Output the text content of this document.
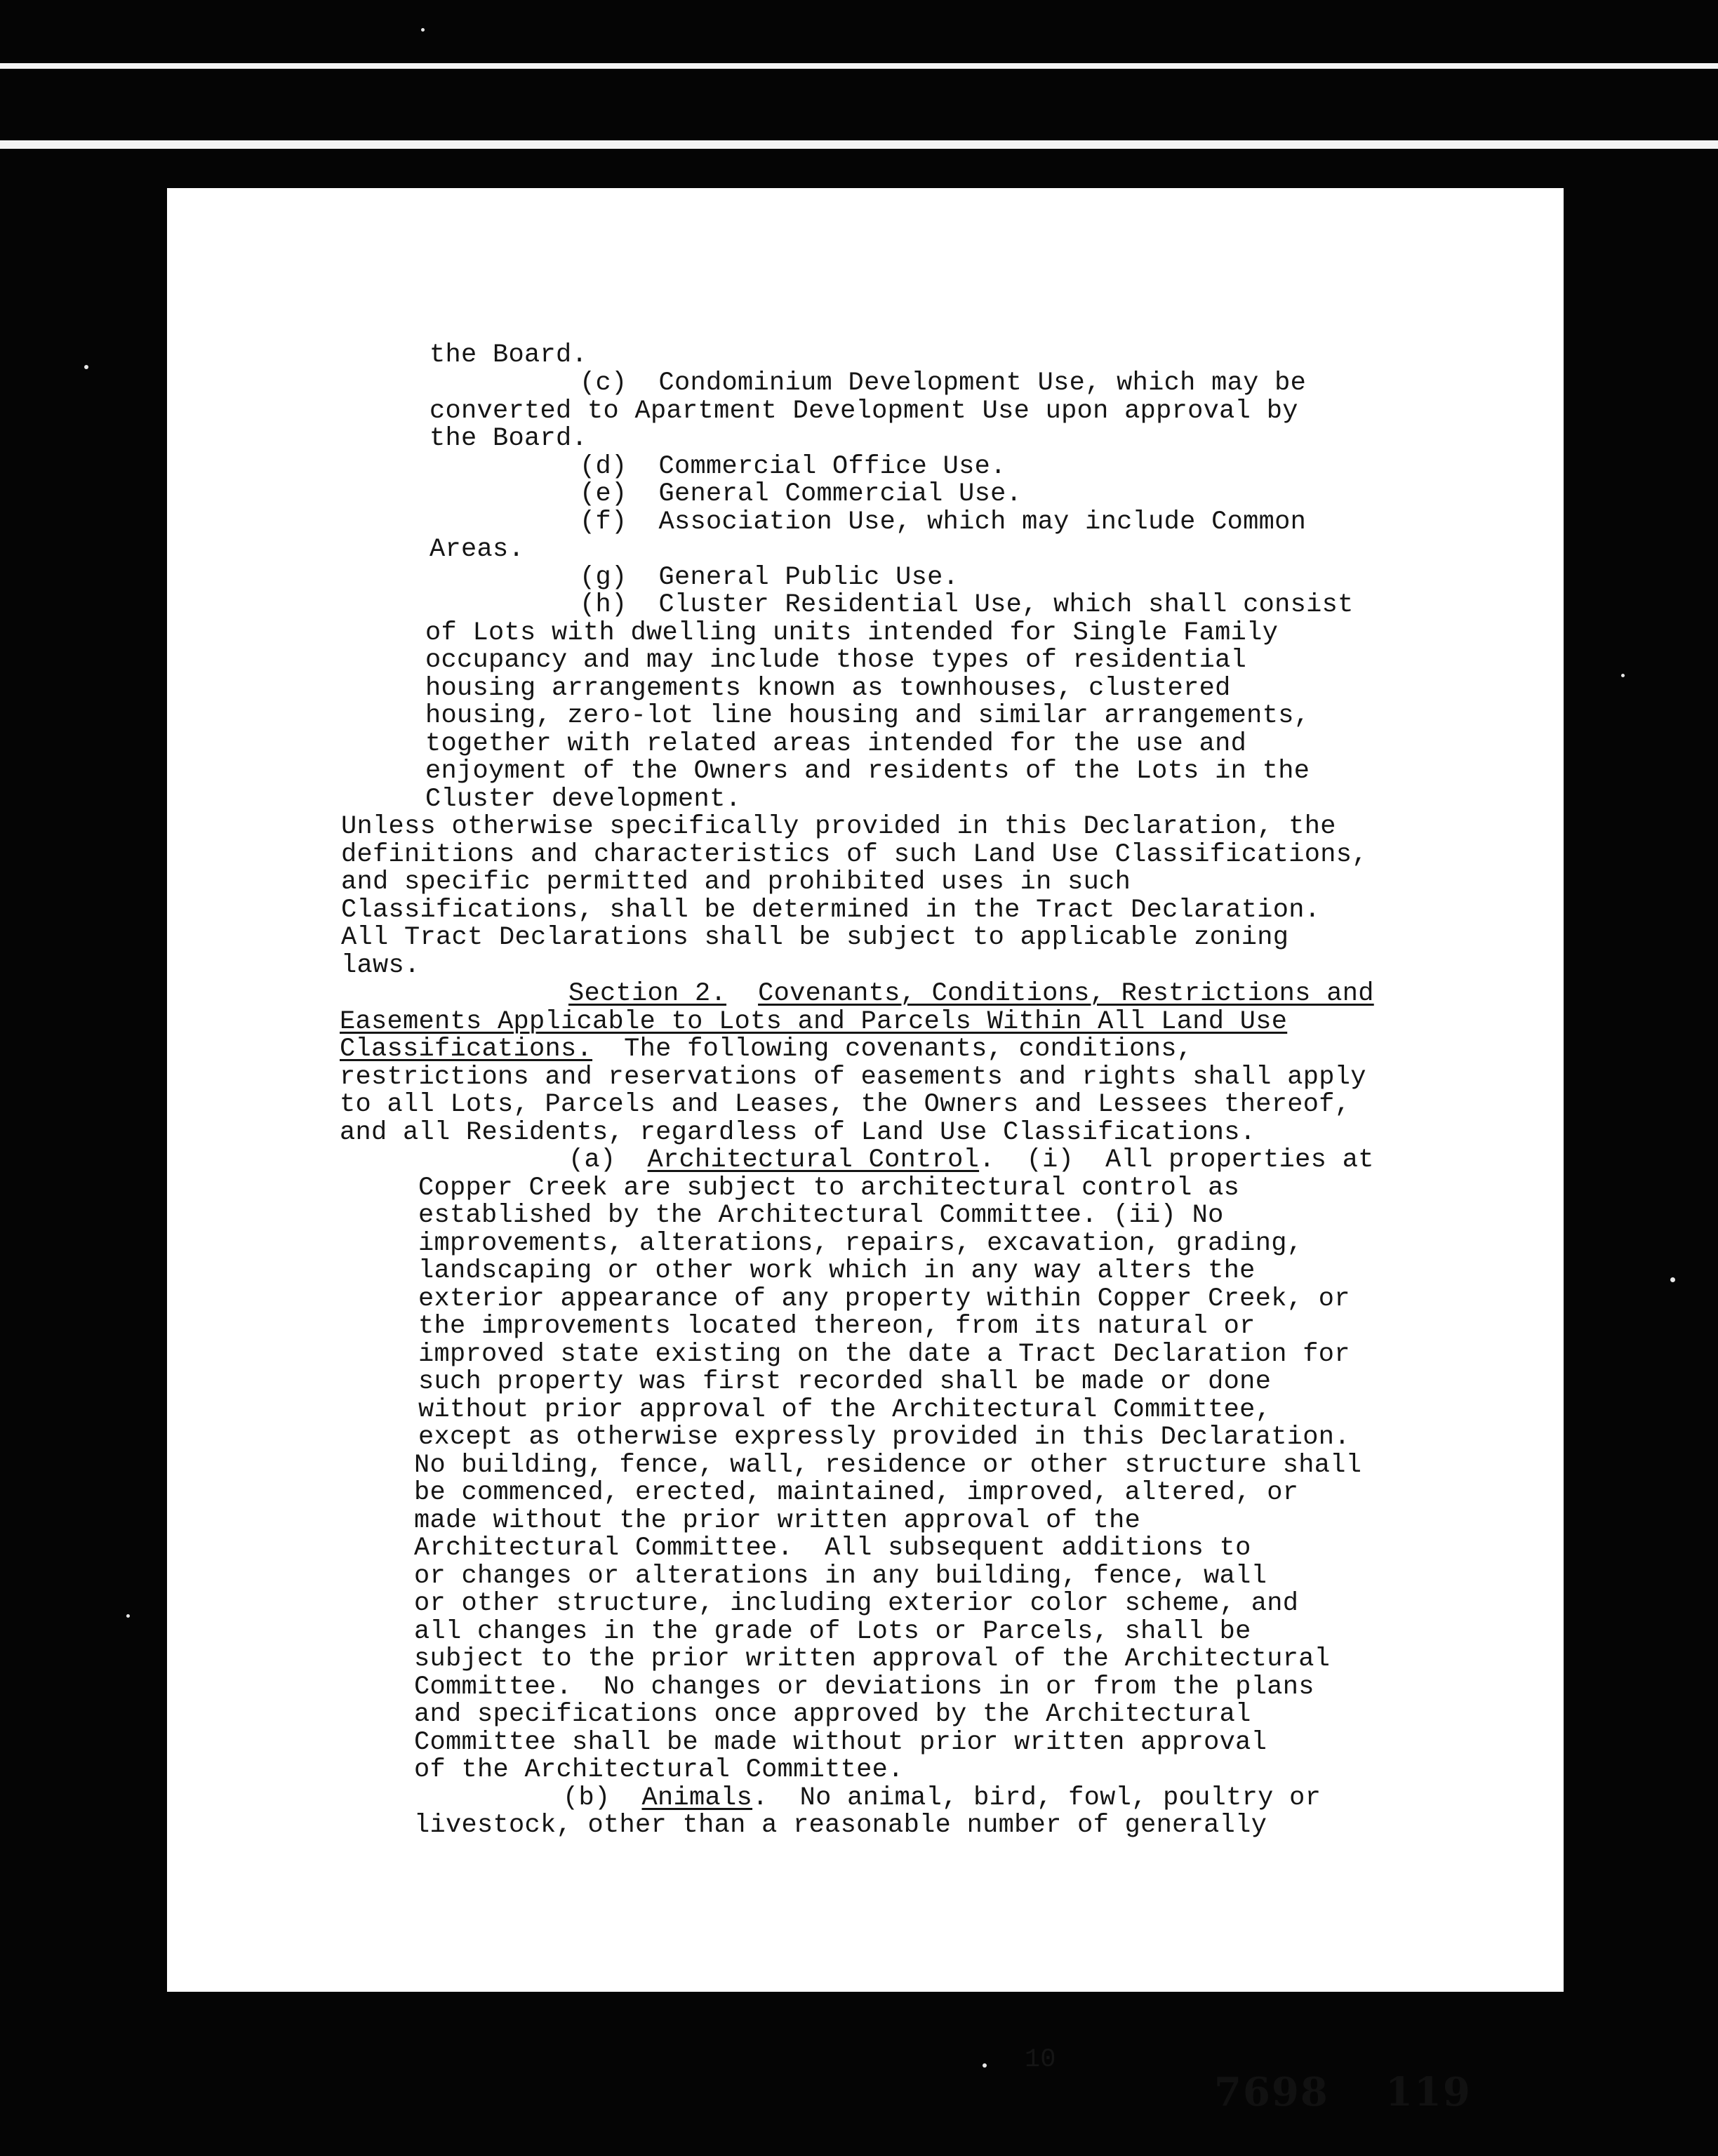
the Board.
(c)  Condominium Development Use, which may be
converted to Apartment Development Use upon approval by
the Board.
(d)  Commercial Office Use.
(e)  General Commercial Use.
(f)  Association Use, which may include Common
Areas.
(g)  General Public Use.
(h)  Cluster Residential Use, which shall consist
of Lots with dwelling units intended for Single Family
occupancy and may include those types of residential
housing arrangements known as townhouses, clustered
housing, zero-lot line housing and similar arrangements,
together with related areas intended for the use and
enjoyment of the Owners and residents of the Lots in the
Cluster development.
Unless otherwise specifically provided in this Declaration, the
definitions and characteristics of such Land Use Classifications,
and specific permitted and prohibited uses in such
Classifications, shall be determined in the Tract Declaration.
All Tract Declarations shall be subject to applicable zoning
laws.
Section 2. Covenants, Conditions, Restrictions and
Easements Applicable to Lots and Parcels Within All Land Use
Classifications.  The following covenants, conditions,
restrictions and reservations of easements and rights shall apply
to all Lots, Parcels and Leases, the Owners and Lessees thereof,
and all Residents, regardless of Land Use Classifications.
(a)  Architectural Control.  (i)  All properties at
Copper Creek are subject to architectural control as
established by the Architectural Committee. (ii) No
improvements, alterations, repairs, excavation, grading,
landscaping or other work which in any way alters the
exterior appearance of any property within Copper Creek, or
the improvements located thereon, from its natural or
improved state existing on the date a Tract Declaration for
such property was first recorded shall be made or done
without prior approval of the Architectural Committee,
except as otherwise expressly provided in this Declaration.
No building, fence, wall, residence or other structure shall
be commenced, erected, maintained, improved, altered, or
made without the prior written approval of the
Architectural Committee.  All subsequent additions to
or changes or alterations in any building, fence, wall
or other structure, including exterior color scheme, and
all changes in the grade of Lots or Parcels, shall be
subject to the prior written approval of the Architectural
Committee.  No changes or deviations in or from the plans
and specifications once approved by the Architectural
Committee shall be made without prior written approval
of the Architectural Committee.
(b)  Animals.  No animal, bird, fowl, poultry or
livestock, other than a reasonable number of generally
10
7698 119
